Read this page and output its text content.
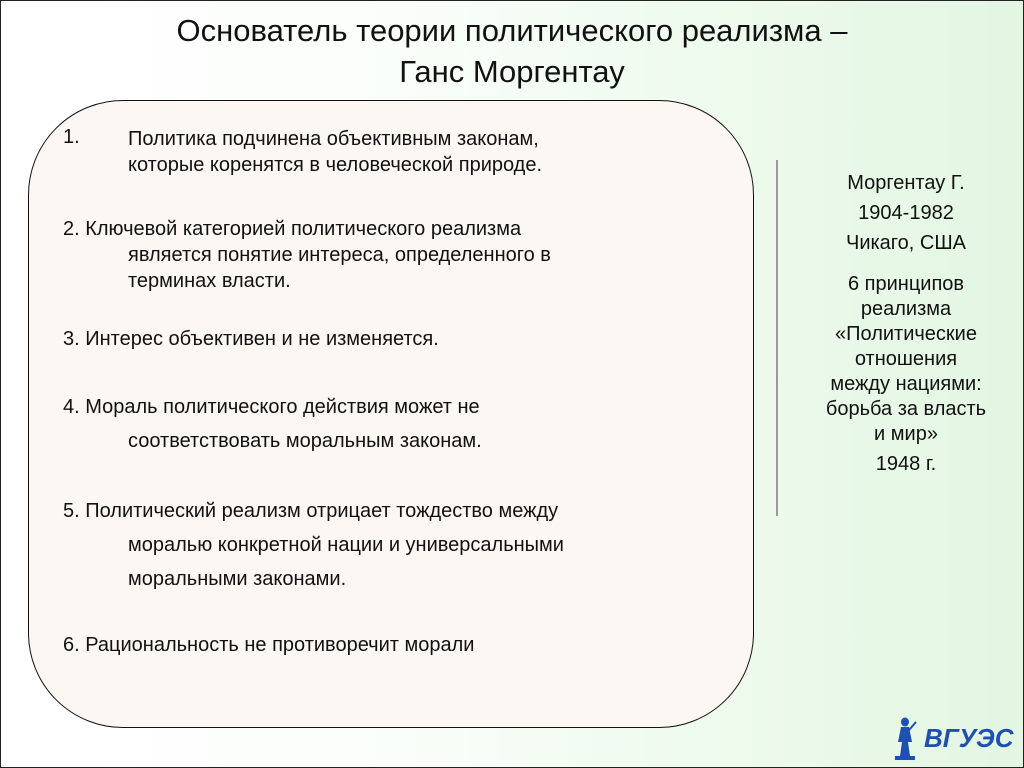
Основатель теории политического реализма –
Ганс Моргентау
1. Политика подчинена объективным законам,
которые коренятся в человеческой природе.
2. Ключевой категорией политического реализма
является понятие интереса, определенного в
терминах власти.
3. Интерес объективен и не изменяется.
4. Мораль политического действия может не
соответствовать моральным законам.
5. Политический реализм отрицает тождество между
моралью конкретной нации и универсальными
моральными законами.
6. Рациональность не противоречит морали
Моргентау Г.
1904-1982
Чикаго, США
6 принципов
реализма
«Политические
отношения
между нациями:
борьба за власть
и мир»
1948 г.
ВГУЭС
